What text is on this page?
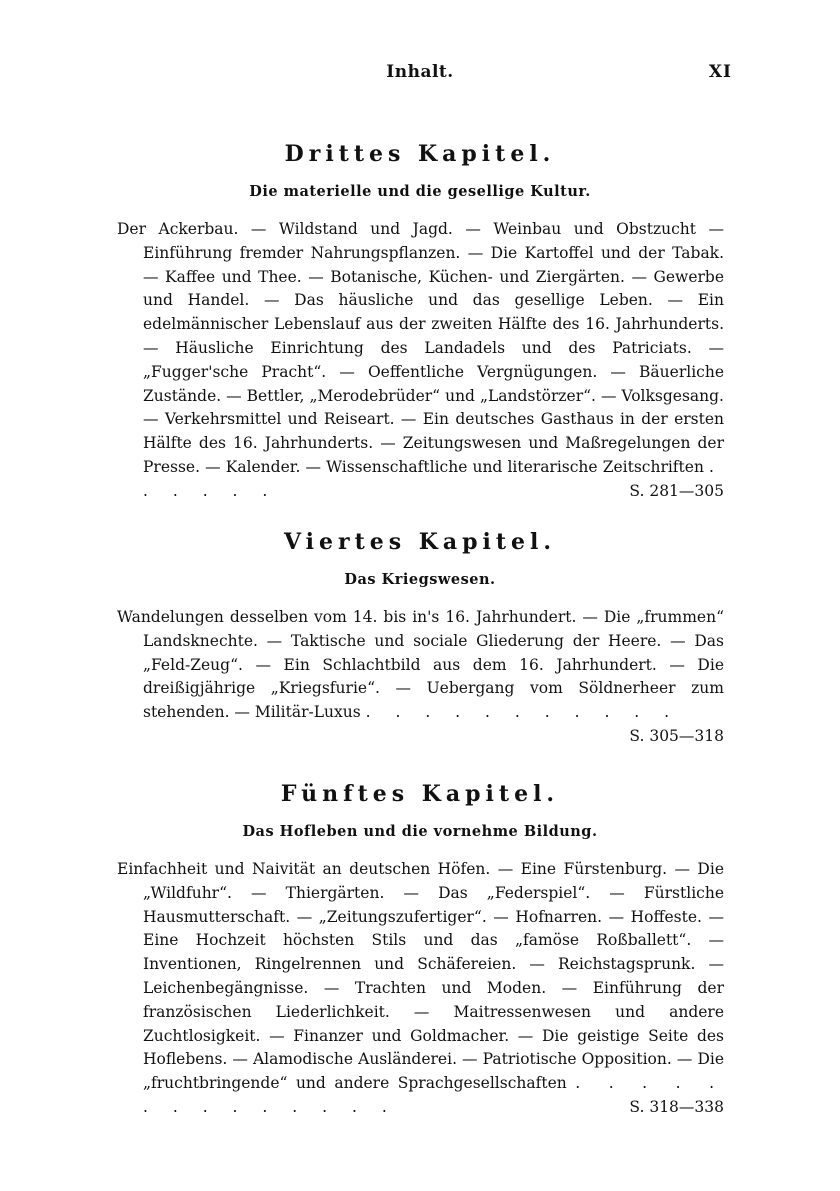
Inhalt.	XI
Drittes Kapitel.
Die materielle und die gesellige Kultur.

Der Ackerbau. — Wildstand und Jagd. — Weinbau und Obstzucht — Einführung fremder Nahrungspflanzen. — Die Kartoffel und der Tabak. — Kaffee und Thee. — Botanische, Küchen- und Ziergärten. — Gewerbe und Handel. — Das häusliche und das gesellige Leben. — Ein edelmännischer Lebenslauf aus der zweiten Hälfte des 16. Jahrhunderts. — Häusliche Einrichtung des Landadels und des Patriciats. — „Fugger'sche Pracht“. — Oeffentliche Vergnügungen. — Bäuerliche Zustände. — Bettler, „Merodebrüder“ und „Landstörzer“. — Volksgesang. — Verkehrsmittel und Reiseart. — Ein deutsches Gasthaus in der ersten Hälfte des 16. Jahrhunderts. — Zeitungswesen und Maßregelungen der Presse. — Kalender. — Wissenschaftliche und literarische Zeitschriften . . . . . .	S. 281—305

Viertes Kapitel.
Das Kriegswesen.

Wandelungen desselben vom 14. bis in's 16. Jahrhundert. — Die „frummen“ Landsknechte. — Taktische und sociale Gliederung der Heere. — Das „Feld-Zeug“. — Ein Schlachtbild aus dem 16. Jahrhundert. — Die dreißigjährige „Kriegsfurie“. — Uebergang vom Söldnerheer zum stehenden. — Militär-Luxus . . . . . . . . . . .
S. 305—318

Fünftes Kapitel.
Das Hofleben und die vornehme Bildung.

Einfachheit und Naivität an deutschen Höfen. — Eine Fürstenburg. — Die „Wildfuhr“. — Thiergärten. — Das „Federspiel“. — Fürstliche Hausmutterschaft. — „Zeitungszufertiger“. — Hofnarren. — Hoffeste. — Eine Hochzeit höchsten Stils und das „famöse Roßballett“. — Inventionen, Ringelrennen und Schäfereien. — Reichstagsprunk. — Leichenbegängnisse. — Trachten und Moden. — Einführung der französischen Liederlichkeit. — Maitressenwesen und andere Zuchtlosigkeit. — Finanzer und Goldmacher. — Die geistige Seite des Hoflebens. — Alamodische Ausländerei. — Patriotische Opposition. — Die „fruchtbringende“ und andere Sprachgesellschaften . . . . . . . . . . . . . .	S. 318—338
